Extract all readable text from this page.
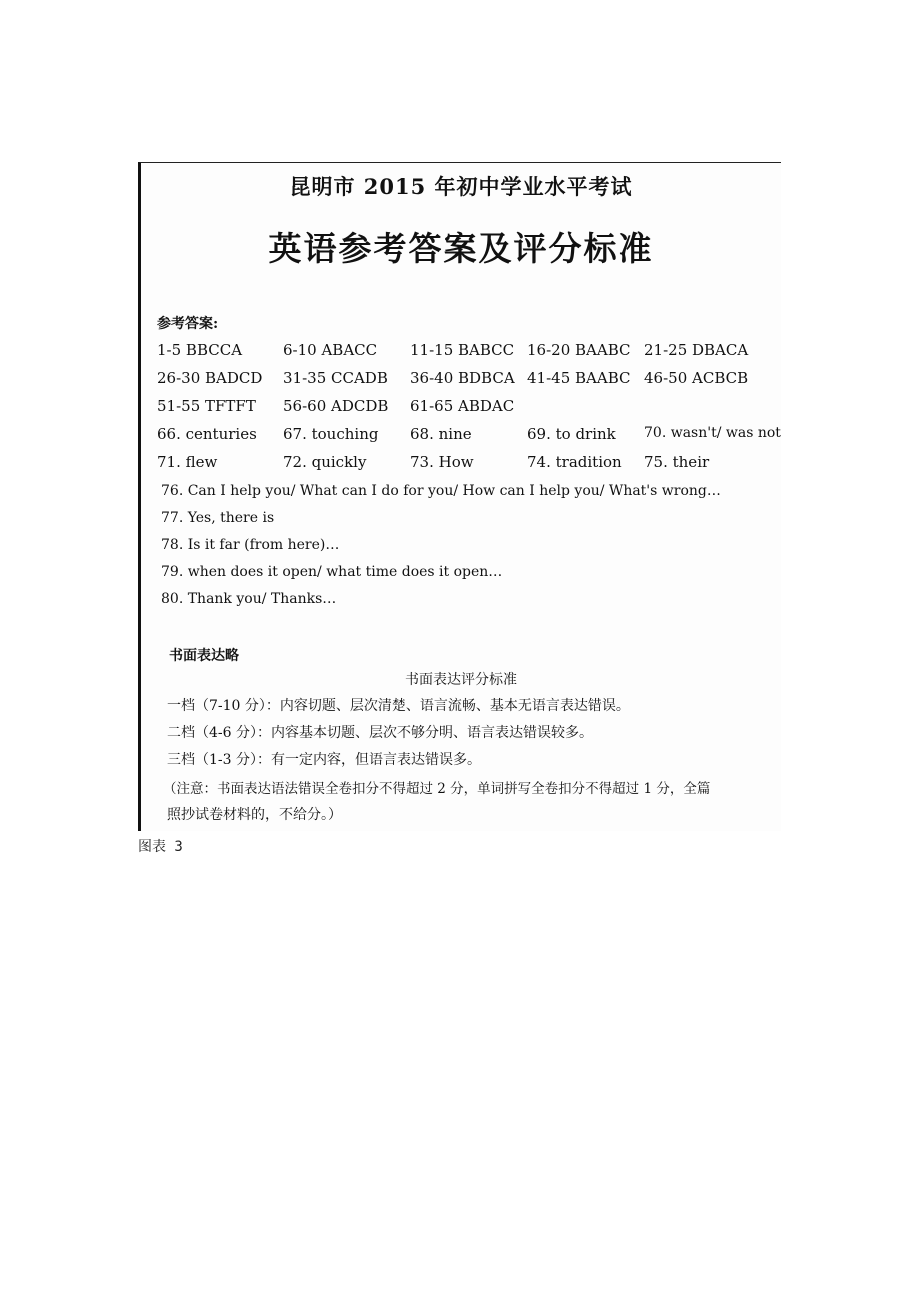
昆明市 2015 年初中学业水平考试
英语参考答案及评分标准
参考答案:
1-5 BBCCA	6-10 ABACC 11-15 BABCC 16-20 BAABC 21-25 DBACA
26-30 BADCD 31-35 CCADB 36-40 BDBCA 41-45 BAABC 46-50 ACBCB
51-55 TFTFT 56-60 ADCDB 61-65 ABDAC
66. centuries 67. touching 68. nine	69. to drink 70. wasn't/ was not
71. flew	72. quickly	73. How	74. tradition 75. their
76. Can I help you/ What can I do for you/ How can I help you/ What's wrong…
77. Yes, there is
78. Is it far (from here)…
79. when does it open/ what time does it open…
80. Thank you/ Thanks…
书面表达略
书面表达评分标准
一档（7-10 分）：内容切题、层次清楚、语言流畅、基本无语言表达错误。
二档（4-6 分）：内容基本切题、层次不够分明、语言表达错误较多。
三档（1-3 分）：有一定内容，但语言表达错误多。
（注意：书面表达语法错误全卷扣分不得超过 2 分，单词拼写全卷扣分不得超过 1 分，全篇
照抄试卷材料的，不给分。）
图表 3
